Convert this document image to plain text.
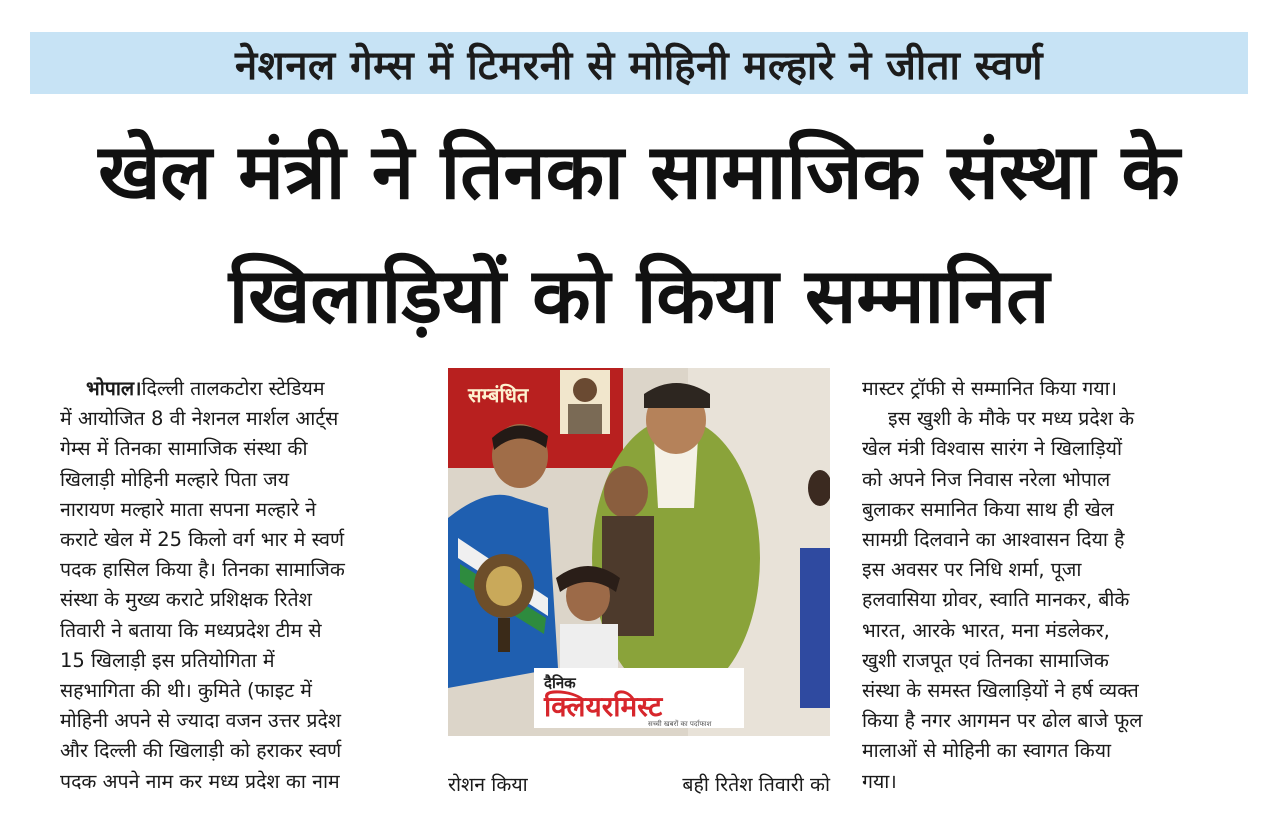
नेशनल गेम्स में टिमरनी से मोहिनी मल्हारे ने जीता स्वर्ण
खेल मंत्री ने तिनका सामाजिक संस्था के
खिलाड़ियों को किया सम्मानित

भोपाल।दिल्ली तालकटोरा स्टेडियम

में आयोजित 8 वी नेशनल मार्शल आर्ट्स

गेम्स में तिनका सामाजिक संस्था की

खिलाड़ी मोहिनी मल्हारे पिता जय

नारायण मल्हारे माता सपना मल्हारे ने

कराटे खेल में 25 किलो वर्ग भार मे स्वर्ण

पदक हासिल किया है। तिनका सामाजिक

संस्था के मुख्य कराटे प्रशिक्षक रितेश

तिवारी ने बताया कि मध्यप्रदेश टीम से

15 खिलाड़ी इस प्रतियोगिता में

सहभागिता की थी। कुमिते (फाइट में

मोहिनी अपने से ज्यादा वजन उत्तर प्रदेश

और दिल्ली की खिलाड़ी को हराकर स्वर्ण

पदक अपने नाम कर मध्य प्रदेश का नाम

सम्बंधित
दैनिक
क्लियरमिस्ट
सच्ची खबरों का पर्दाफाश
रोशन किया	बही रितेश तिवारी को

मास्टर ट्रॉफी से सम्मानित किया गया।

इस खुशी के मौके पर मध्य प्रदेश के

खेल मंत्री विश्वास सारंग ने खिलाड़ियों

को अपने निज निवास नरेला भोपाल

बुलाकर समानित किया साथ ही खेल

सामग्री दिलवाने का आश्वासन दिया है

इस अवसर पर निधि शर्मा, पूजा

हलवासिया ग्रोवर, स्वाति मानकर, बीके

भारत, आरके भारत, मना मंडलेकर,

खुशी राजपूत एवं तिनका सामाजिक

संस्था के समस्त खिलाड़ियों ने हर्ष व्यक्त

किया है नगर आगमन पर ढोल बाजे फूल

मालाओं से मोहिनी का स्वागत किया

गया।
